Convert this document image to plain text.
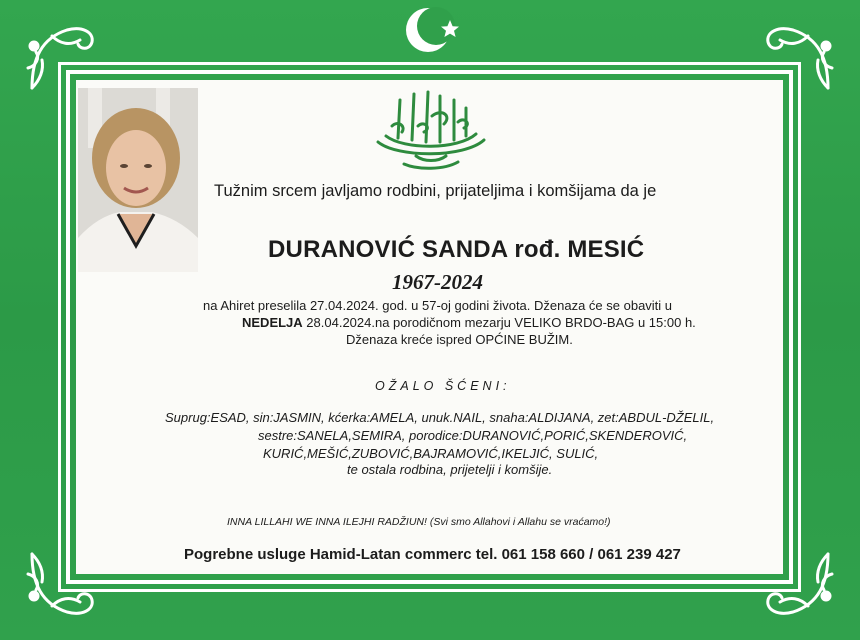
Tužnim srcem javljamo rodbini, prijateljima i komšijama da je
DURANOVIĆ SANDA rođ. MESIĆ
1967-2024
na Ahiret preselila 27.04.2024. god. u 57-oj godini života. Dženaza će se obaviti u
NEDELJA 28.04.2024.na porodičnom mezarju VELIKO BRDO-BAG u 15:00 h.
Dženaza kreće ispred OPĆINE BUŽIM.
OŽALO ŠĆENI:
Suprug:ESAD, sin:JASMIN, kćerka:AMELA, unuk.NAIL, snaha:ALDIJANA, zet:ABDUL-DŽELIL,
sestre:SANELA,SEMIRA, porodice:DURANOVIĆ,PORIĆ,SKENDEROVIĆ,
KURIĆ,MEŠIĆ,ZUBOVIĆ,BAJRAMOVIĆ,IKELJIĆ, SULIĆ,
te ostala rodbina, prijetelji i komšije.
INNA LILLAHI WE INNA ILEJHI RADŽIUN! (Svi smo Allahovi i Allahu se vraćamo!)
Pogrebne usluge Hamid-Latan commerc tel. 061 158 660 / 061 239 427
